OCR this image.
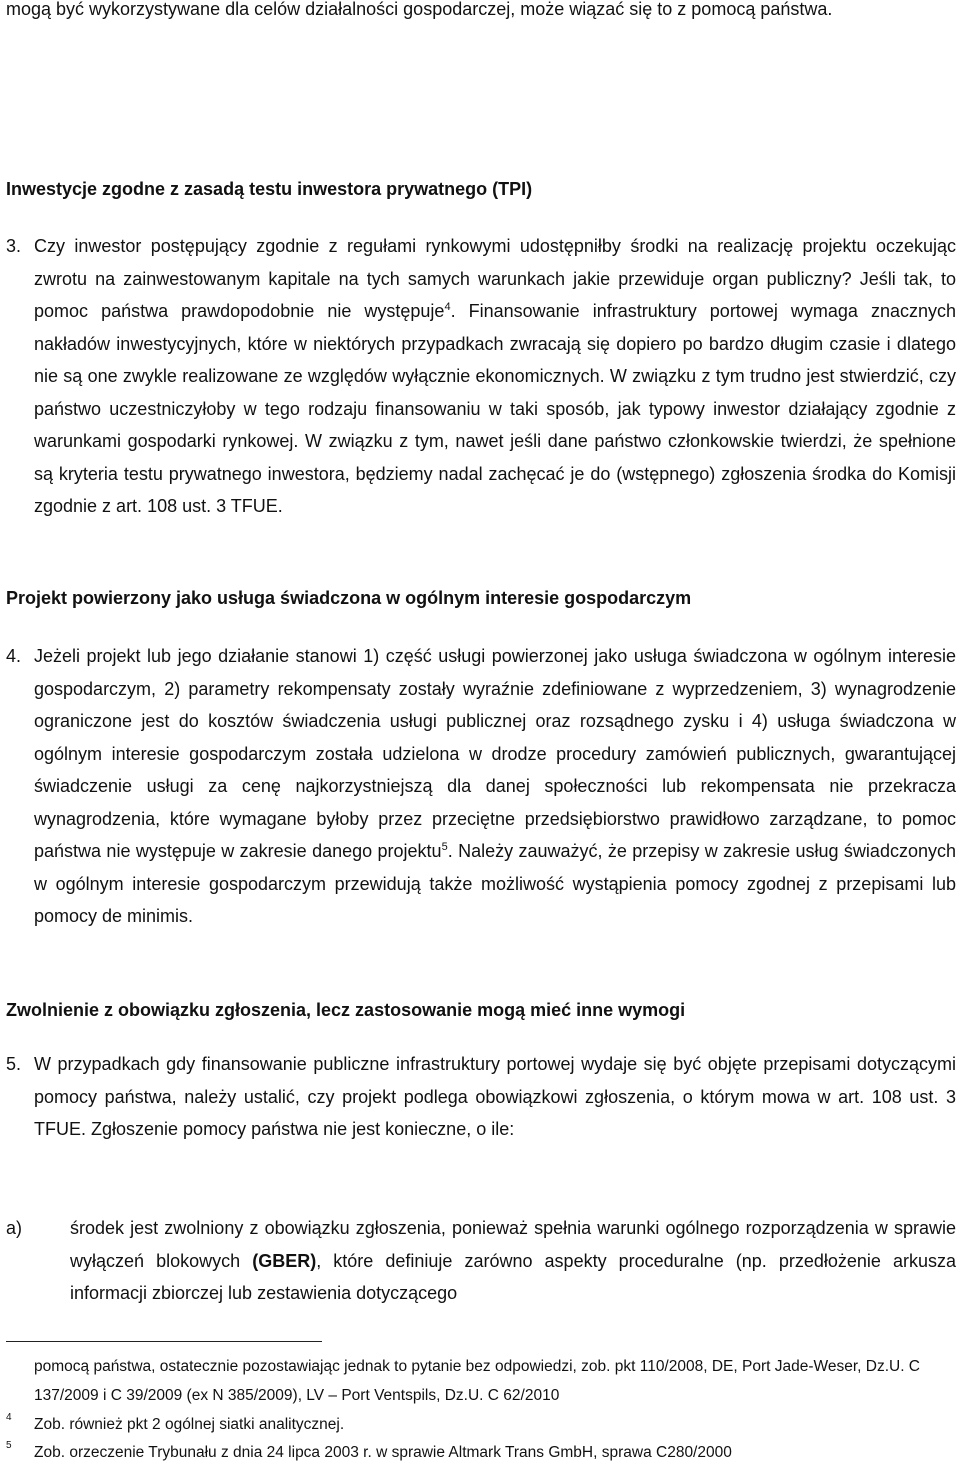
mogą być wykorzystywane dla celów działalności gospodarczej, może wiązać się to z pomocą państwa.

Inwestycje zgodne z zasadą testu inwestora prywatnego (TPI)
3. Czy inwestor postępujący zgodnie z regułami rynkowymi udostępniłby środki na realizację projektu oczekując zwrotu na zainwestowanym kapitale na tych samych warunkach jakie przewiduje organ publiczny? Jeśli tak, to pomoc państwa prawdopodobnie nie występuje$^4$. Finansowanie infrastruktury portowej wymaga znacznych nakładów inwestycyjnych, które w niektórych przypadkach zwracają się dopiero po bardzo długim czasie i dlatego nie są one zwykle realizowane ze względów wyłącznie ekonomicznych. W związku z tym trudno jest stwierdzić, czy państwo uczestniczyłoby w tego rodzaju finansowaniu w taki sposób, jak typowy inwestor działający zgodnie z warunkami gospodarki rynkowej. W związku z tym, nawet jeśli dane państwo członkowskie twierdzi, że spełnione są kryteria testu prywatnego inwestora, będziemy nadal zachęcać je do (wstępnego) zgłoszenia środka do Komisji zgodnie z art. 108 ust. 3 TFUE.
Projekt powierzony jako usługa świadczona w ogólnym interesie gospodarczym
4. Jeżeli projekt lub jego działanie stanowi 1) część usługi powierzonej jako usługa świadczona w ogólnym interesie gospodarczym, 2) parametry rekompensaty zostały wyraźnie zdefiniowane z wyprzedzeniem, 3) wynagrodzenie ograniczone jest do kosztów świadczenia usługi publicznej oraz rozsądnego zysku i 4) usługa świadczona w ogólnym interesie gospodarczym została udzielona w drodze procedury zamówień publicznych, gwarantującej świadczenie usługi za cenę najkorzystniejszą dla danej społeczności lub rekompensata nie przekracza wynagrodzenia, które wymagane byłoby przez przeciętne przedsiębiorstwo prawidłowo zarządzane, to pomoc państwa nie występuje w zakresie danego projektu$^5$. Należy zauważyć, że przepisy w zakresie usług świadczonych w ogólnym interesie gospodarczym przewidują także możliwość wystąpienia pomocy zgodnej z przepisami lub pomocy de minimis.
Zwolnienie z obowiązku zgłoszenia, lecz zastosowanie mogą mieć inne wymogi
5. W przypadkach gdy finansowanie publiczne infrastruktury portowej wydaje się być objęte przepisami dotyczącymi pomocy państwa, należy ustalić, czy projekt podlega obowiązkowi zgłoszenia, o którym mowa w art. 108 ust. 3 TFUE. Zgłoszenie pomocy państwa nie jest konieczne, o ile:
a)	środek jest zwolniony z obowiązku zgłoszenia, ponieważ spełnia warunki ogólnego rozporządzenia w sprawie wyłączeń blokowych (GBER), które definiuje zarówno aspekty proceduralne (np. przedłożenie arkusza informacji zbiorczej lub zestawienia dotyczącego

pomocą państwa, ostatecznie pozostawiając jednak to pytanie bez odpowiedzi, zob. pkt 110/2008, DE, Port Jade-Weser, Dz.U. C 137/2009 i C 39/2009 (ex N 385/2009), LV – Port Ventspils, Dz.U. C 62/2010

4 Zob. również pkt 2 ogólnej siatki analitycznej.

5 Zob. orzeczenie Trybunału z dnia 24 lipca 2003 r. w sprawie Altmark Trans GmbH, sprawa C280/2000
